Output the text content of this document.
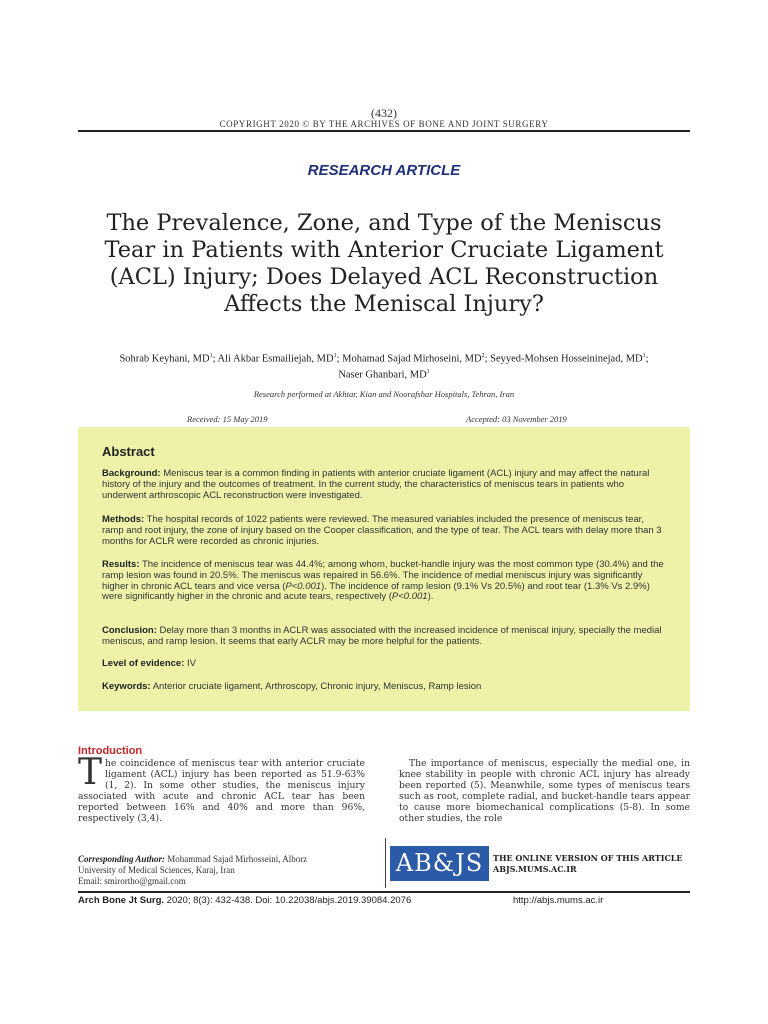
(432)
COPYRIGHT 2020 © BY THE ARCHIVES OF BONE AND JOINT SURGERY
RESEARCH ARTICLE
The Prevalence, Zone, and Type of the Meniscus Tear in Patients with Anterior Cruciate Ligament (ACL) Injury; Does Delayed ACL Reconstruction Affects the Meniscal Injury?
Sohrab Keyhani, $MD^1$; Ali Akbar Esmailiejah, $MD^1$; Mohamad Sajad Mirhoseini, $MD^2$; Seyyed-Mohsen Hosseininejad, $MD^1$;
Naser Ghanbari, $MD^1$
Research performed at Akhtar, Kian and Noorafshar Hospitals, Tehran, Iran
Received: 15 May 2019	Accepted: 03 November 2019
Abstract
Background: Meniscus tear is a common finding in patients with anterior cruciate ligament (ACL) injury and may affect the natural history of the injury and the outcomes of treatment. In the current study, the characteristics of meniscus tears in patients who underwent arthroscopic ACL reconstruction were investigated.
Methods: The hospital records of 1022 patients were reviewed. The measured variables included the presence of meniscus tear, ramp and root injury, the zone of injury based on the Cooper classification, and the type of tear. The ACL tears with delay more than 3 months for ACLR were recorded as chronic injuries.
Results: The incidence of meniscus tear was 44.4%; among whom, bucket-handle injury was the most common type (30.4%) and the ramp lesion was found in 20.5%. The meniscus was repaired in 56.6%. The incidence of medial meniscus injury was significantly higher in chronic ACL tears and vice versa (P<0.001). The incidence of ramp lesion (9.1% Vs 20.5%) and root tear (1.3% Vs 2.9%) were significantly higher in the chronic and acute tears, respectively (P<0.001).
Conclusion: Delay more than 3 months in ACLR was associated with the increased incidence of meniscal injury, specially the medial meniscus, and ramp lesion. It seems that early ACLR may be more helpful for the patients.
Level of evidence: IV
Keywords: Anterior cruciate ligament, Arthroscopy, Chronic injury, Meniscus, Ramp lesion
Introduction
The coincidence of meniscus tear with anterior cruciate ligament (ACL) injury has been reported as 51.9-63% (1, 2). In some other studies, the meniscus injury associated with acute and chronic ACL tear has been reported between 16% and 40% and more than 96%, respectively (3,4).
The importance of meniscus, especially the medial one, in knee stability in people with chronic ACL injury has already been reported (5). Meanwhile, some types of meniscus tears such as root, complete radial, and bucket-handle tears appear to cause more biomechanical complications (5-8). In some other studies, the role
Corresponding Author: Mohammad Sajad Mirhosseini, Alborz
University of Medical Sciences, Karaj, Iran
Email: smirortho@gmail.com
AB&JS	THE ONLINE VERSION OF THIS ARTICLE
ABJS.MUMS.AC.IR
Arch Bone Jt Surg. 2020; 8(3): 432-438. Doi: 10.22038/abjs.2019.39084.2076	http://abjs.mums.ac.ir
